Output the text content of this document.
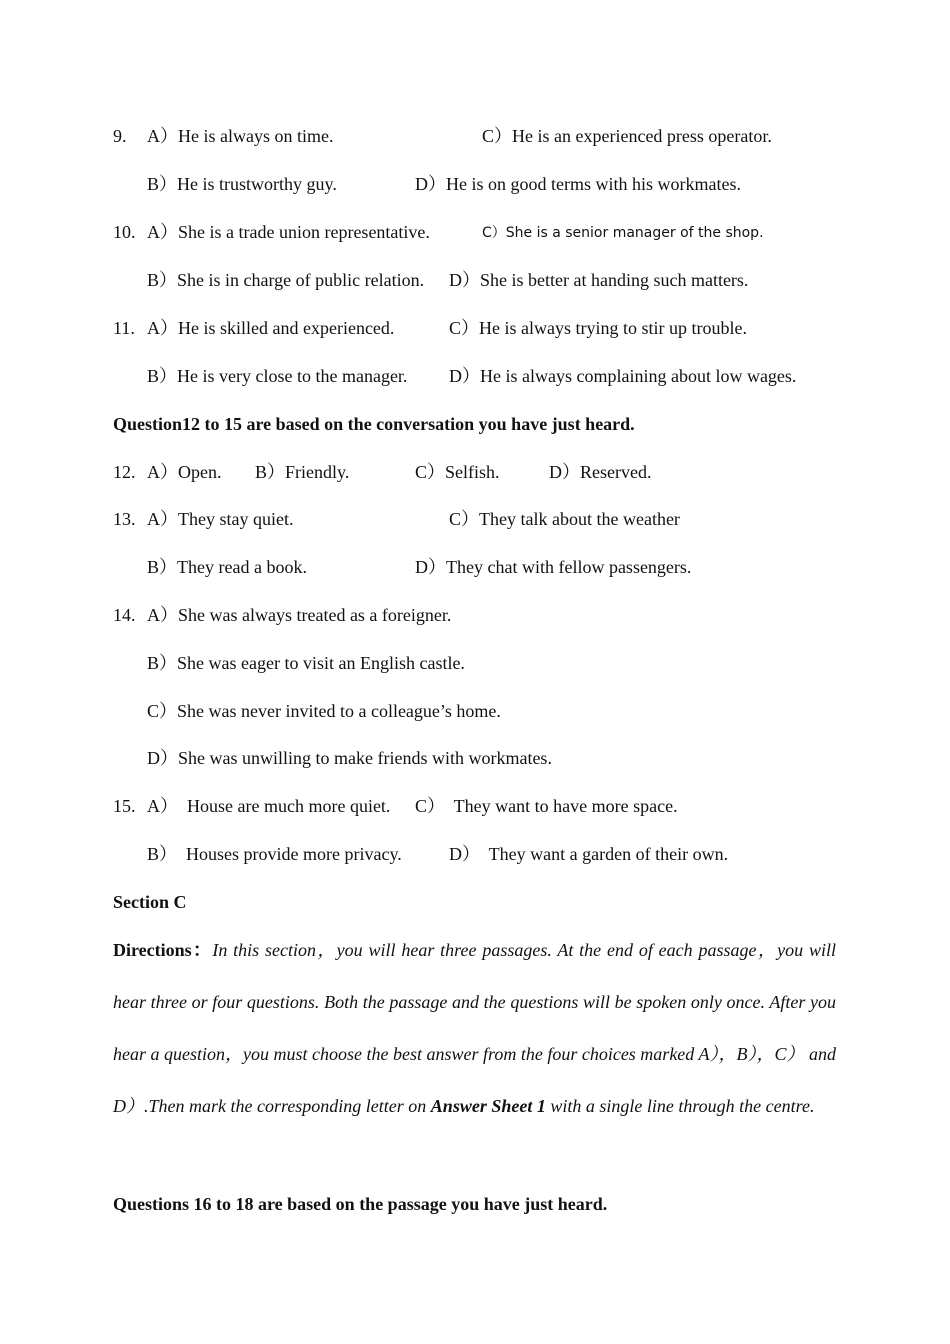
9. A）He is always on time.	C）He is an experienced press operator.
B）He is trustworthy guy.	D）He is on good terms with his workmates.
10. A）She is a trade union representative.	C）She is a senior manager of the shop.
B）She is in charge of public relation. D）She is better at handing such matters.
11. A）He is skilled and experienced.	C）He is always trying to stir up trouble.
B）He is very close to the manager. D）He is always complaining about low wages.
Question12 to 15 are based on the conversation you have just heard.
12. A）Open. B）Friendly.	C）Selfish.	D）Reserved.
13. A）They stay quiet.	C）They talk about the weather
B）They read a book.	D）They chat with fellow passengers.
14. A）She was always treated as a foreigner.
B）She was eager to visit an English castle.
C）She was never invited to a colleague’s home.
D）She was unwilling to make friends with workmates.
15. A）  House are much more quiet. C）  They want to have more space.
B）  Houses provide more privacy.	D）  They want a garden of their own.
Section C
Directions：In this section，you will hear three passages. At the end of each passage，you will hear three or four questions. Both the passage and the questions will be spoken only once. After you hear a question，you must choose the best answer from the four choices marked A），B），C） and D）.Then mark the corresponding letter on Answer Sheet 1 with a single line through the centre.
Questions 16 to 18 are based on the passage you have just heard.
